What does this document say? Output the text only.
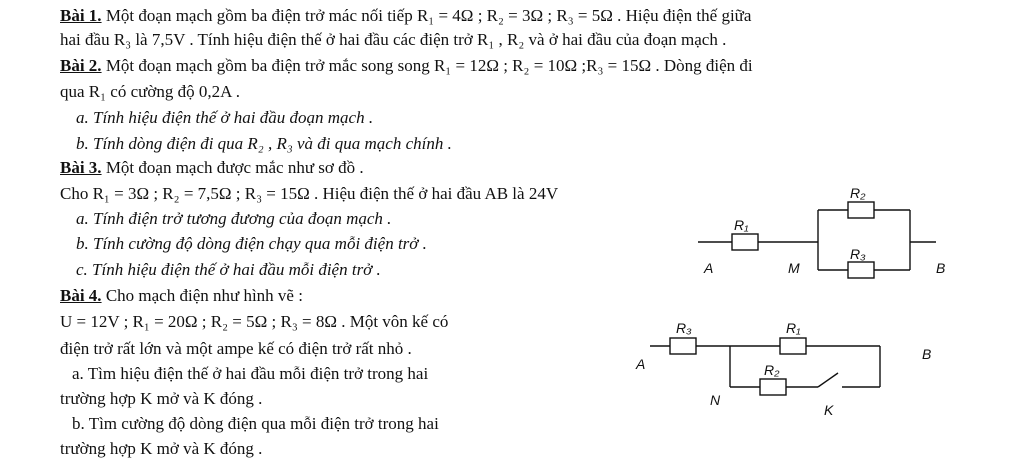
Bài 1. Một đoạn mạch gồm ba điện trở mác nối tiếp R₁ = 4Ω ; R₂ = 3Ω ; R₃ = 5Ω . Hiệu điện thế giữa
hai đầu R₃ là 7,5V . Tính hiệu điện thế ở hai đầu các điện trở R₁ , R₂ và ở hai đầu của đoạn mạch .
Bài 2. Một đoạn mạch gồm ba điện trở mắc song song R₁ = 12Ω ; R₂ = 10Ω ;R₃ = 15Ω . Dòng điện đi
qua R₁ có cường độ 0,2A .
a. Tính hiệu điện thế ở hai đầu đoạn mạch .
b. Tính dòng điện đi qua R₂ , R₃ và đi qua mạch chính .
Bài 3. Một đoạn mạch được mắc như sơ đồ .
Cho R₁ = 3Ω ; R₂ = 7,5Ω ; R₃ = 15Ω . Hiệu điện thế ở hai đầu AB là 24V
a. Tính điện trở tương đương của đoạn mạch .
b. Tính cường độ dòng điện chạy qua mỗi điện trở .
c. Tính hiệu điện thế ở hai đầu mỗi điện trở .
Bài 4. Cho mạch điện như hình vẽ :
U = 12V ; R₁ = 20Ω ; R₂ = 5Ω ; R₃ = 8Ω . Một vôn kế có
điện trở rất lớn và một ampe kế có điện trở rất nhỏ .
a. Tìm hiệu điện thế ở hai đầu mỗi điện trở trong hai
trường hợp K mở và K đóng .
b. Tìm cường độ dòng điện qua mỗi điện trở trong hai
trường hợp K mở và K đóng .
R₁
R₂
R₃
A	M	B
R₃	R₁
R₂
A
B
N
K
